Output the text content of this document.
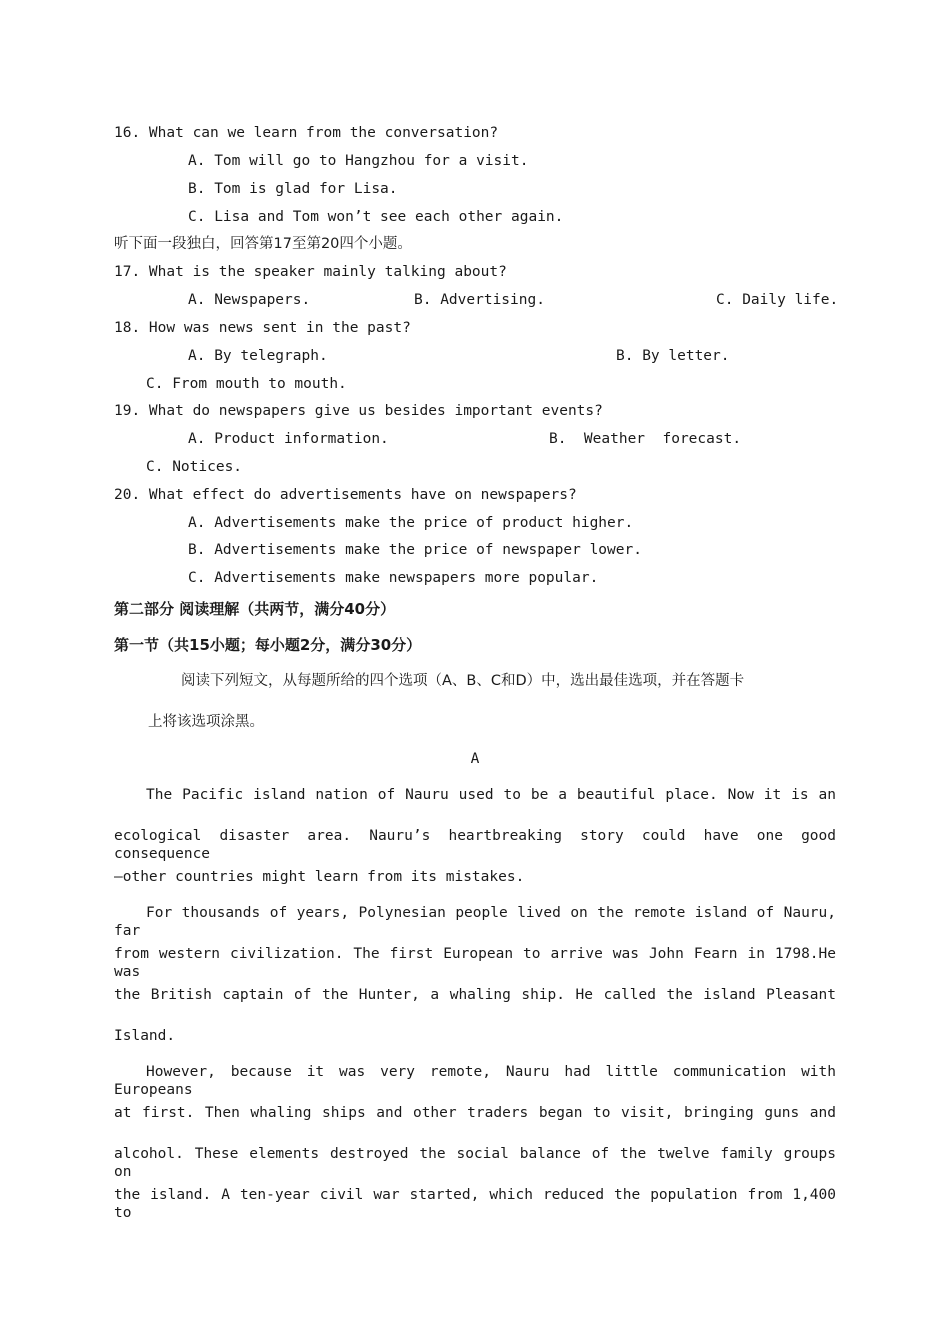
16. What can we learn from the conversation?
A. Tom will go to Hangzhou for a visit.
B. Tom is glad for Lisa.
C. Lisa and Tom won’t see each other again.
听下面一段独白，回答第17至第20四个小题。
17. What is the speaker mainly talking about?
A. Newspapers.	B. Advertising.	C. Daily life.
18. How was news sent in the past?
A. By telegraph.	B. By letter.
C. From mouth to mouth.
19. What do newspapers give us besides important events?
A. Product information.	B.  Weather  forecast.
C. Notices.
20. What effect do advertisements have on newspapers?
A. Advertisements make the price of product higher.
B. Advertisements make the price of newspaper lower.
C. Advertisements make newspapers more popular.
第二部分 阅读理解（共两节，满分40分）
第一节（共15小题；每小题2分，满分30分）
阅读下列短文，从每题所给的四个选项（A、B、C和D）中，选出最佳选项，并在答题卡
上将该选项涂黑。
A
The Pacific island nation of Nauru used to be a beautiful place. Now it is an
ecological disaster area. Nauru’s heartbreaking story could have one good consequence
—other countries might learn from its mistakes.
For thousands of years, Polynesian people lived on the remote island of Nauru, far
from western civilization. The first European to arrive was John Fearn in 1798.He was
the British captain of the Hunter, a whaling ship. He called the island Pleasant
Island.
However, because it was very remote, Nauru had little communication with Europeans
at first. Then whaling ships and other traders began to visit, bringing guns and
alcohol. These elements destroyed the social balance of the twelve family groups on
the island. A ten-year civil war started, which reduced the population from 1,400 to
